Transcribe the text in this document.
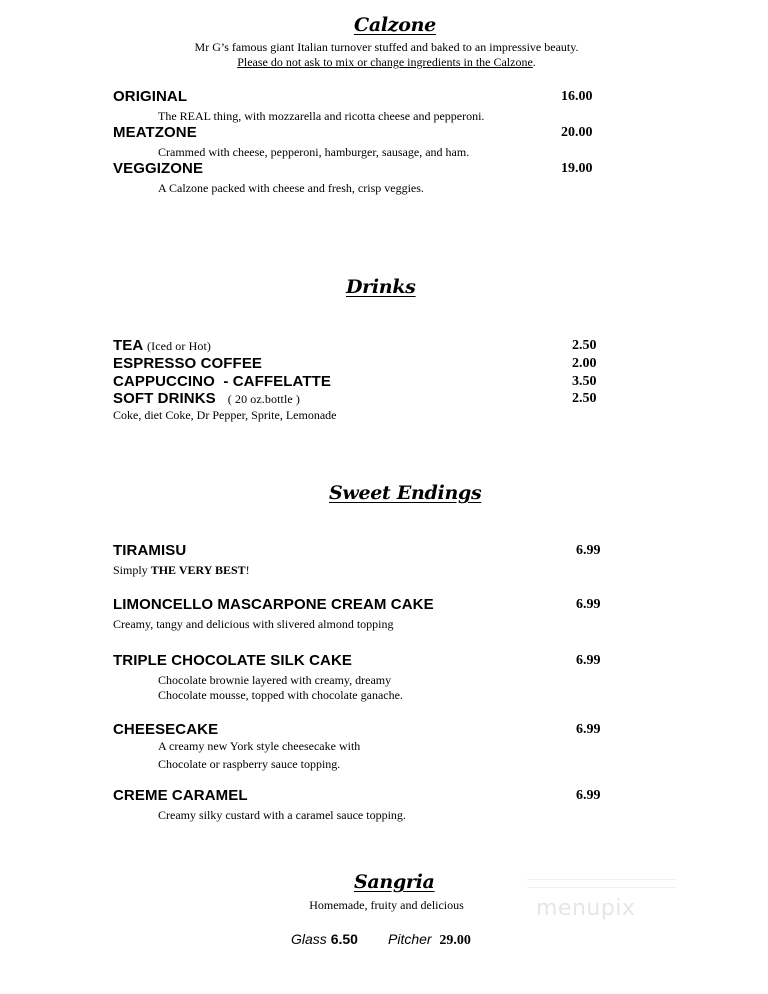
Calzone
Mr G’s famous giant Italian turnover stuffed and baked to an impressive beauty.
Please do not ask to mix or change ingredients in the Calzone.
ORIGINAL	16.00
The REAL thing, with mozzarella and ricotta cheese and pepperoni.
MEATZONE	20.00
Crammed with cheese, pepperoni, hamburger, sausage, and ham.
VEGGIZONE	19.00
A Calzone packed with cheese and fresh, crisp veggies.
Drinks
TEA (Iced or Hot)	2.50
ESPRESSO COFFEE	2.00
CAPPUCCINO  - CAFFELATTE	3.50
SOFT DRINKS ( 20 oz.bottle )	2.50
Coke, diet Coke, Dr Pepper, Sprite, Lemonade
Sweet Endings
TIRAMISU	6.99
Simply THE VERY BEST!
LIMONCELLO MASCARPONE CREAM CAKE	6.99
Creamy, tangy and delicious with slivered almond topping
TRIPLE CHOCOLATE SILK CAKE	6.99
Chocolate brownie layered with creamy, dreamy
Chocolate mousse, topped with chocolate ganache.
CHEESECAKE	6.99
A creamy new York style cheesecake with
Chocolate or raspberry sauce topping.
CREME CARAMEL	6.99
Creamy silky custard with a caramel sauce topping.
Sangria
Homemade, fruity and delicious
Glass 6.50 Pitcher 29.00
menupix
